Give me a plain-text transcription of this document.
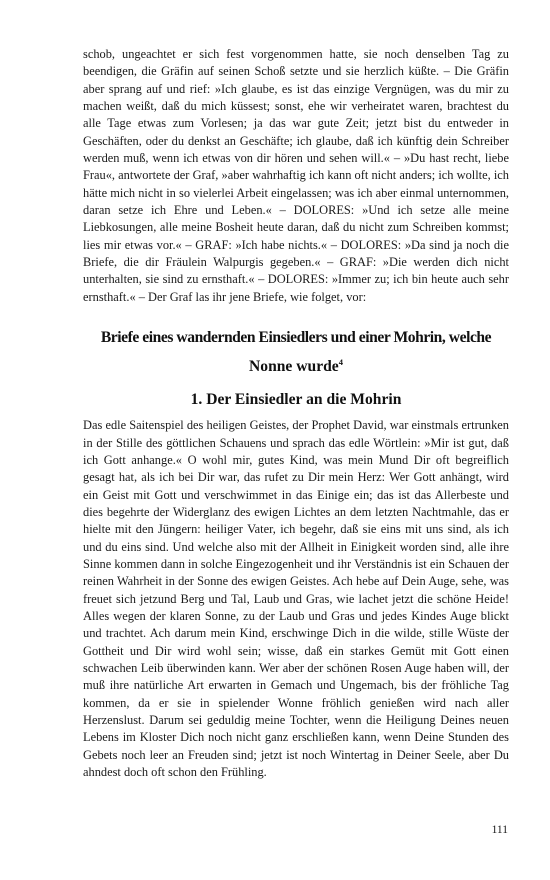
schob, ungeachtet er sich fest vorgenommen hatte, sie noch denselben Tag zu beendigen, die Gräfin auf seinen Schoß setzte und sie herzlich küßte. – Die Gräfin aber sprang auf und rief: »Ich glaube, es ist das einzige Vergnügen, was du mir zu machen weißt, daß du mich küssest; sonst, ehe wir verheiratet waren, brachtest du alle Tage etwas zum Vorlesen; ja das war gute Zeit; jetzt bist du entweder in Geschäften, oder du denkst an Geschäfte; ich glaube, daß ich künftig dein Schreiber werden muß, wenn ich etwas von dir hören und sehen will.« – »Du hast recht, liebe Frau«, antwortete der Graf, »aber wahrhaftig ich kann oft nicht anders; ich wollte, ich hätte mich nicht in so vielerlei Arbeit eingelassen; was ich aber einmal unternommen, daran setze ich Ehre und Leben.« – DOLORES: »Und ich setze alle meine Liebkosungen, alle meine Bosheit heute daran, daß du nicht zum Schreiben kommst; lies mir etwas vor.« – GRAF: »Ich habe nichts.« – DOLORES: »Da sind ja noch die Briefe, die dir Fräulein Walpurgis gegeben.« – GRAF: »Die werden dich nicht unterhalten, sie sind zu ernsthaft.« – DOLORES: »Immer zu; ich bin heute auch sehr ernsthaft.« – Der Graf las ihr jene Briefe, wie folget, vor:

Briefe eines wandernden Einsiedlers und einer Mohrin, welche
Nonne wurde$^4$
1. Der Einsiedler an die Mohrin

Das edle Saitenspiel des heiligen Geistes, der Prophet David, war einstmals ertrunken in der Stille des göttlichen Schauens und sprach das edle Wörtlein: »Mir ist gut, daß ich Gott anhange.« O wohl mir, gutes Kind, was mein Mund Dir oft begreiflich gesagt hat, als ich bei Dir war, das rufet zu Dir mein Herz: Wer Gott anhängt, wird ein Geist mit Gott und verschwimmet in das Einige ein; das ist das Allerbeste und dies begehrte der Widerglanz des ewigen Lichtes an dem letzten Nachtmahle, das er hielte mit den Jüngern: heiliger Vater, ich begehr, daß sie eins mit uns sind, als ich und du eins sind. Und welche also mit der Allheit in Einigkeit worden sind, alle ihre Sinne kommen dann in solche Eingezogenheit und ihr Verständnis ist ein Schauen der reinen Wahrheit in der Sonne des ewigen Geistes. Ach hebe auf Dein Auge, sehe, was freuet sich jetzund Berg und Tal, Laub und Gras, wie lachet jetzt die schöne Heide! Alles wegen der klaren Sonne, zu der Laub und Gras und jedes Kindes Auge blickt und trachtet. Ach darum mein Kind, erschwinge Dich in die wilde, stille Wüste der Gottheit und Dir wird wohl sein; wisse, daß ein starkes Gemüt mit Gott einen schwachen Leib überwinden kann. Wer aber der schönen Rosen Auge haben will, der muß ihre natürliche Art erwarten in Gemach und Ungemach, bis der fröhliche Tag kommen, da er sie in spielender Wonne fröhlich genießen wird nach aller Herzenslust. Darum sei geduldig meine Tochter, wenn die Heiligung Deines neuen Lebens im Kloster Dich noch nicht ganz erschließen kann, wenn Deine Stunden des Gebets noch leer an Freuden sind; jetzt ist noch Wintertag in Deiner Seele, aber Du ahndest doch oft schon den Frühling.

111
